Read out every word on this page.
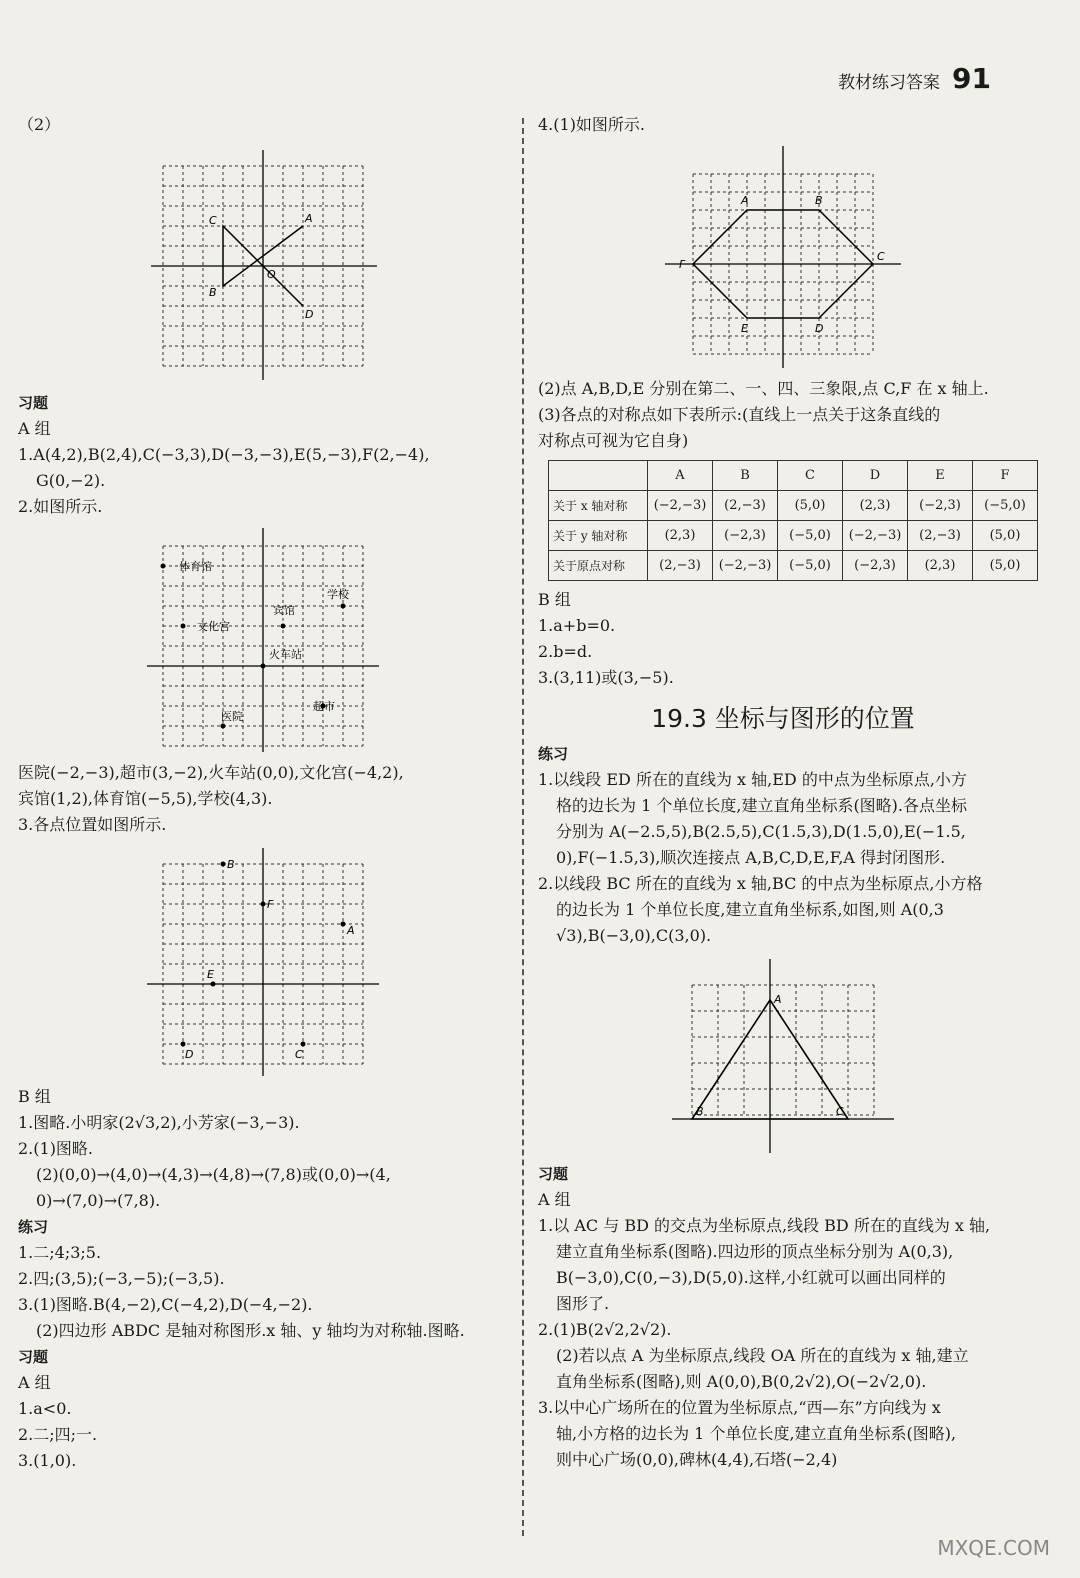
教材练习答案 91
（2）
A
B
C
D
O
习题
A 组
1.A(4,2),B(2,4),C(−3,3),D(−3,−3),E(5,−3),F(2,−4),
G(0,−2).
2.如图所示.
体育馆
学校
宾馆
文化宫
火车站
超市
医院
医院(−2,−3),超市(3,−2),火车站(0,0),文化宫(−4,2),
宾馆(1,2),体育馆(−5,5),学校(4,3).
3.各点位置如图所示.
A
B
C
D
E
F
B 组
1.图略.小明家(2√3,2),小芳家(−3,−3).
2.(1)图略.
(2)(0,0)→(4,0)→(4,3)→(4,8)→(7,8)或(0,0)→(4,
0)→(7,0)→(7,8).
练习
1.二;4;3;5.
2.四;(3,5);(−3,−5);(−3,5).
3.(1)图略.B(4,−2),C(−4,2),D(−4,−2).
(2)四边形 ABDC 是轴对称图形.x 轴、y 轴均为对称轴.图略.
习题
A 组
1.a<0.
2.二;四;一.
3.(1,0).
4.(1)如图所示.
A	B
C
D
E
F
(2)点 A,B,D,E 分别在第二、一、四、三象限,点 C,F 在 x 轴上.
(3)各点的对称点如下表所示:(直线上一点关于这条直线的
对称点可视为它自身)
	A	B	C	D	E	F
关于 x 轴对称	(−2,−3)	(2,−3)	(5,0)	(2,3)	(−2,3)	(−5,0)
关于 y 轴对称	(2,3)	(−2,3)	(−5,0)	(−2,−3)	(2,−3)	(5,0)
关于原点对称	(2,−3)	(−2,−3)	(−5,0)	(−2,3)	(2,3)	(5,0)
B 组
1.a+b=0.
2.b=d.
3.(3,11)或(3,−5).
19.3 坐标与图形的位置
练习
1.以线段 ED 所在的直线为 x 轴,ED 的中点为坐标原点,小方
格的边长为 1 个单位长度,建立直角坐标系(图略).各点坐标
分别为 A(−2.5,5),B(2.5,5),C(1.5,3),D(1.5,0),E(−1.5,
0),F(−1.5,3),顺次连接点 A,B,C,D,E,F,A 得封闭图形.
2.以线段 BC 所在的直线为 x 轴,BC 的中点为坐标原点,小方格
的边长为 1 个单位长度,建立直角坐标系,如图,则 A(0,3
√3),B(−3,0),C(3,0).
A
B	C
习题
A 组
1.以 AC 与 BD 的交点为坐标原点,线段 BD 所在的直线为 x 轴,
建立直角坐标系(图略).四边形的顶点坐标分别为 A(0,3),
B(−3,0),C(0,−3),D(5,0).这样,小红就可以画出同样的
图形了.
2.(1)B(2√2,2√2).
(2)若以点 A 为坐标原点,线段 OA 所在的直线为 x 轴,建立
直角坐标系(图略),则 A(0,0),B(0,2√2),O(−2√2,0).
3.以中心广场所在的位置为坐标原点,“西—东”方向线为 x
轴,小方格的边长为 1 个单位长度,建立直角坐标系(图略),
则中心广场(0,0),碑林(4,4),石塔(−2,4)
MXQE.COM
